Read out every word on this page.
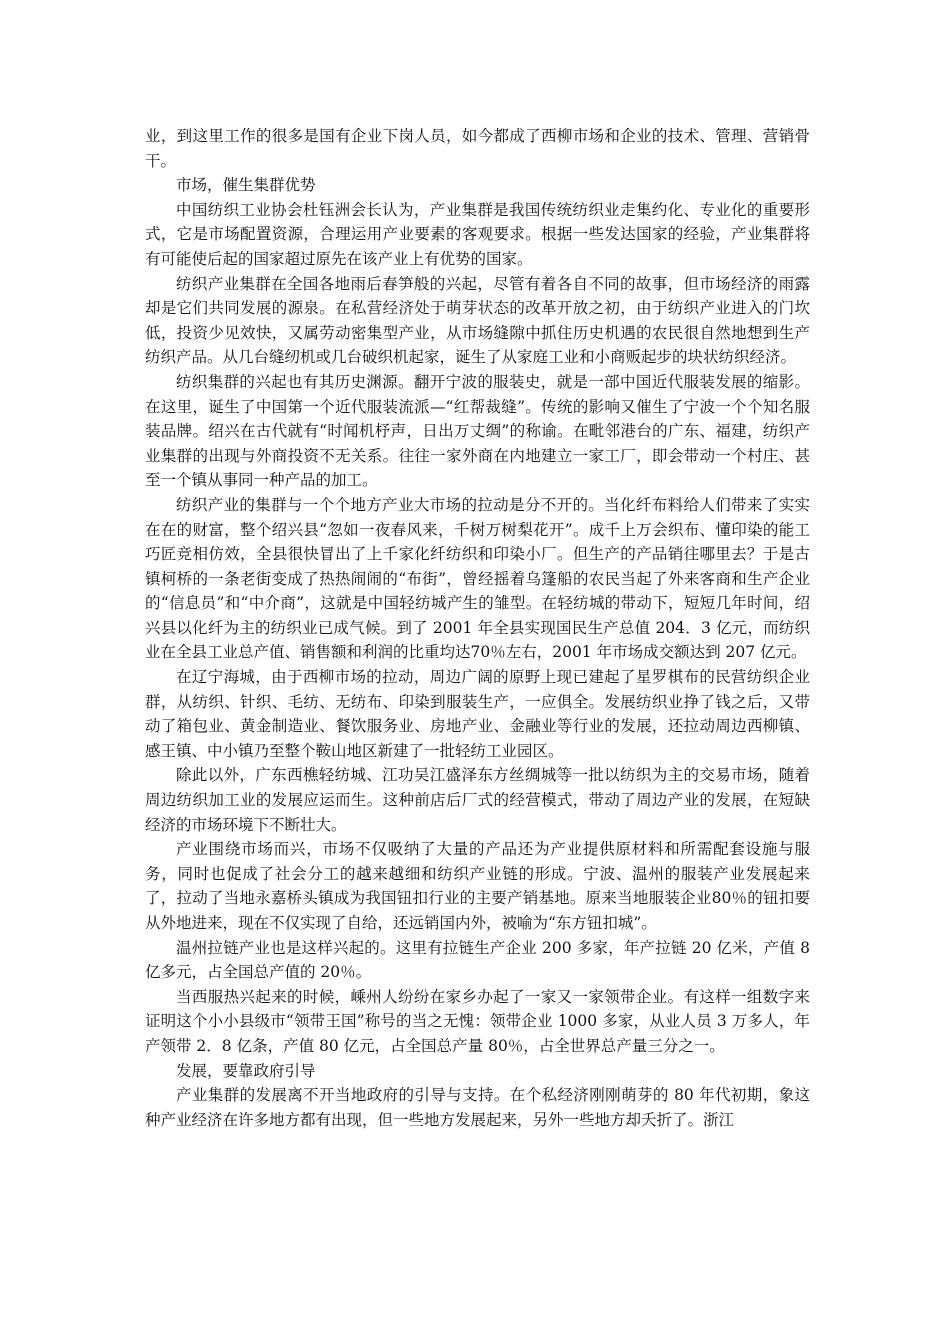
业，到这里工作的很多是国有企业下岗人员，如今都成了西柳市场和企业的技术、管理、营销骨干。

市场，催生集群优势

中国纺织工业协会杜钰洲会长认为，产业集群是我国传统纺织业走集约化、专业化的重要形式，它是市场配置资源，合理运用产业要素的客观要求。根据一些发达国家的经验，产业集群将有可能使后起的国家超过原先在该产业上有优势的国家。

纺织产业集群在全国各地雨后春笋般的兴起，尽管有着各自不同的故事，但市场经济的雨露却是它们共同发展的源泉。在私营经济处于萌芽状态的改革开放之初，由于纺织产业进入的门坎低，投资少见效快，又属劳动密集型产业，从市场缝隙中抓住历史机遇的农民很自然地想到生产纺织产品。从几台缝纫机或几台破织机起家，诞生了从家庭工业和小商贩起步的块状纺织经济。

纺织集群的兴起也有其历史渊源。翻开宁波的服装史，就是一部中国近代服装发展的缩影。在这里，诞生了中国第一个近代服装流派—“红帮裁缝”。传统的影响又催生了宁波一个个知名服装品牌。绍兴在古代就有“时闻机杼声，日出万丈绸”的称谕。在毗邻港台的广东、福建，纺织产业集群的出现与外商投资不无关系。往往一家外商在内地建立一家工厂，即会带动一个村庄、甚至一个镇从事同一种产品的加工。

纺织产业的集群与一个个地方产业大市场的拉动是分不开的。当化纤布料给人们带来了实实在在的财富，整个绍兴县“忽如一夜春风来，千树万树梨花开”。成千上万会织布、懂印染的能工巧匠竞相仿效，全县很快冒出了上千家化纤纺织和印染小厂。但生产的产品销往哪里去？于是古镇柯桥的一条老街变成了热热闹闹的“布街”，曾经摇着乌篷船的农民当起了外来客商和生产企业的“信息员”和“中介商”，这就是中国轻纺城产生的雏型。在轻纺城的带动下，短短几年时间，绍兴县以化纤为主的纺织业已成气候。到了 2001 年全县实现国民生产总值 204．3 亿元，而纺织业在全县工业总产值、销售额和利润的比重均达70％左右，2001 年市场成交额达到 207 亿元。

在辽宁海城，由于西柳市场的拉动，周边广阔的原野上现已建起了星罗棋布的民营纺织企业群，从纺织、针织、毛纺、无纺布、印染到服装生产，一应俱全。发展纺织业挣了钱之后，又带动了箱包业、黄金制造业、餐饮服务业、房地产业、金融业等行业的发展，还拉动周边西柳镇、感王镇、中小镇乃至整个鞍山地区新建了一批轻纺工业园区。

除此以外，广东西樵轻纺城、江功吴江盛泽东方丝绸城等一批以纺织为主的交易市场，随着周边纺织加工业的发展应运而生。这种前店后厂式的经营模式，带动了周边产业的发展，在短缺经济的市场环境下不断壮大。

产业围绕市场而兴，市场不仅吸纳了大量的产品还为产业提供原材料和所需配套设施与服务，同时也促成了社会分工的越来越细和纺织产业链的形成。宁波、温州的服装产业发展起来了，拉动了当地永嘉桥头镇成为我国钮扣行业的主要产销基地。原来当地服装企业80％的钮扣要从外地进来，现在不仅实现了自给，还远销国内外，被喻为“东方钮扣城”。

温州拉链产业也是这样兴起的。这里有拉链生产企业 200 多家，年产拉链 20 亿米，产值 8 亿多元，占全国总产值的 20％。

当西服热兴起来的时候，嵊州人纷纷在家乡办起了一家又一家领带企业。有这样一组数字来证明这个小小县级市“领带王国”称号的当之无愧：领带企业 1000 多家，从业人员 3 万多人，年产领带 2．8 亿条，产值 80 亿元，占全国总产量 80％，占全世界总产量三分之一。

发展，要靠政府引导

产业集群的发展离不开当地政府的引导与支持。在个私经济刚刚萌芽的 80 年代初期，象这种产业经济在许多地方都有出现，但一些地方发展起来，另外一些地方却夭折了。浙江
